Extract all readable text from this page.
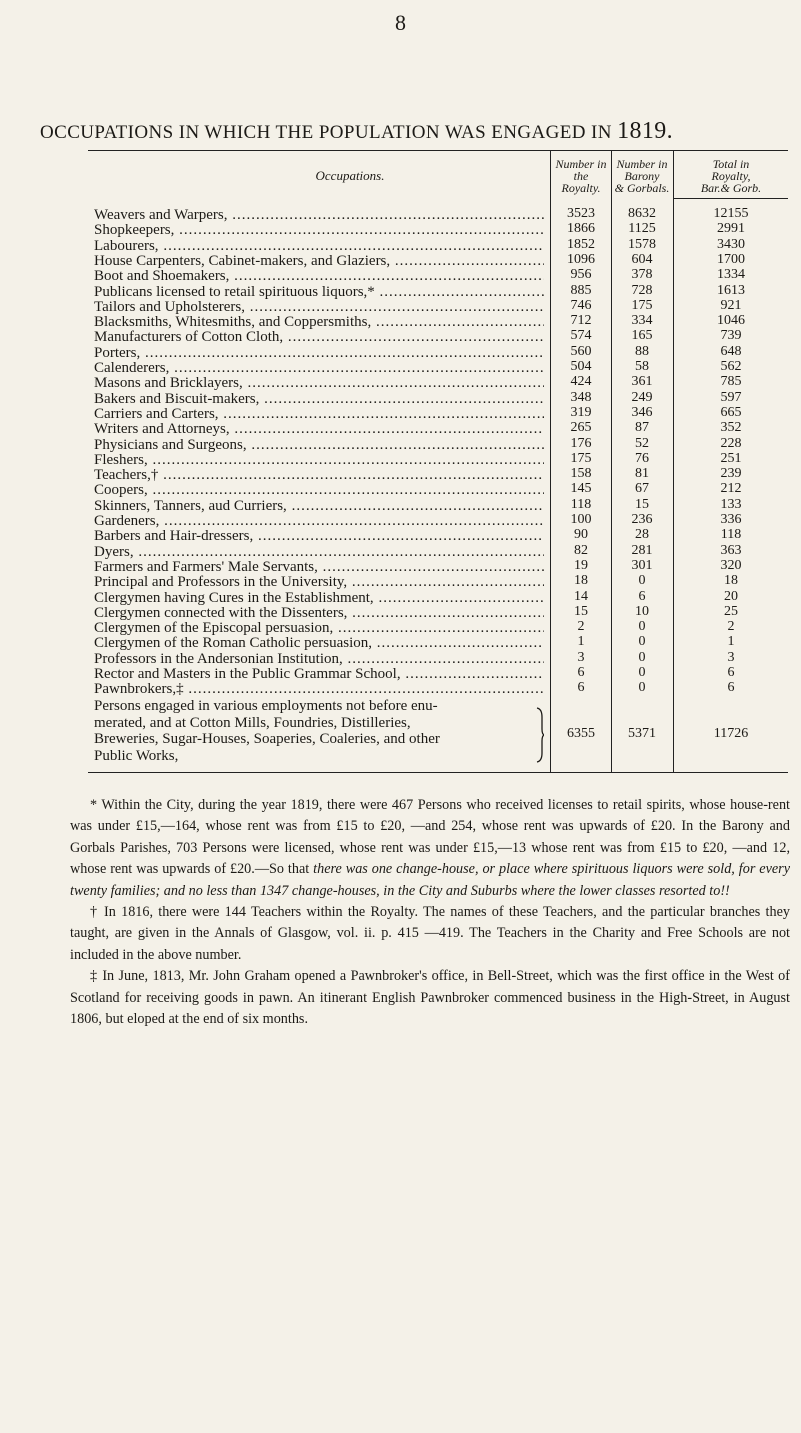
8
OCCUPATIONS IN WHICH THE POPULATION WAS ENGAGED IN 1819.
Occupations.
Number in
the
Royalty.
Number in
Barony
& Gorbals.
Total in
Royalty,
Bar.& Gorb.
Weavers and Warpers, .....	3523	8632	12155
Shopkeepers, .....	1866	1125	2991
Labourers, .....	1852	1578	3430
House Carpenters, Cabinet-makers, and Glaziers, .....	1096	604	1700
Boot and Shoemakers, .....	956	378	1334
Publicans licensed to retail spirituous liquors,* .....	885	728	1613
Tailors and Upholsterers, .....	746	175	921
Blacksmiths, Whitesmiths, and Coppersmiths, .....	712	334	1046
Manufacturers of Cotton Cloth, .....	574	165	739
Porters, .....	560	88	648
Calenderers, .....	504	58	562
Masons and Bricklayers, .....	424	361	785
Bakers and Biscuit-makers, .....	348	249	597
Carriers and Carters, .....	319	346	665
Writers and Attorneys, .....	265	87	352
Physicians and Surgeons, .....	176	52	228
Fleshers, .....	175	76	251
Teachers,† .....	158	81	239
Coopers, .....	145	67	212
Skinners, Tanners, aud Curriers, .....	118	15	133
Gardeners, .....	100	236	336
Barbers and Hair-dressers, .....	90	28	118
Dyers, .....	82	281	363
Farmers and Farmers' Male Servants, .....	19	301	320
Principal and Professors in the University, .....	18	0	18
Clergymen having Cures in the Establishment, .....	14	6	20
Clergymen connected with the Dissenters, .....	15	10	25
Clergymen of the Episcopal persuasion, .....	2	0	2
Clergymen of the Roman Catholic persuasion, .....	1	0	1
Professors in the Andersonian Institution, .....	3	0	3
Rector and Masters in the Public Grammar School, .....	6	0	6
Pawnbrokers,‡ .....	6	0	6
Persons engaged in various employments not before enu-
merated, and at Cotton Mills, Foundries, Distilleries,
Breweries, Sugar-Houses, Soaperies, Coaleries, and other
Public Works,
6355	5371	11726

* Within the City, during the year 1819, there were 467 Persons who received licenses to retail spirits, whose house-rent was under £15,—164, whose rent was from £15 to £20, —and 254, whose rent was upwards of £20. In the Barony and Gorbals Parishes, 703 Persons were licensed, whose rent was under £15,—13 whose rent was from £15 to £20, —and 12, whose rent was upwards of £20.—So that there was one change-house, or place where spirituous liquors were sold, for every twenty families; and no less than 1347 change-houses, in the City and Suburbs where the lower classes resorted to!!

† In 1816, there were 144 Teachers within the Royalty. The names of these Teachers, and the particular branches they taught, are given in the Annals of Glasgow, vol. ii. p. 415 —419. The Teachers in the Charity and Free Schools are not included in the above number.

‡ In June, 1813, Mr. John Graham opened a Pawnbroker's office, in Bell-Street, which was the first office in the West of Scotland for receiving goods in pawn. An itinerant English Pawnbroker commenced business in the High-Street, in August 1806, but eloped at the end of six months.
